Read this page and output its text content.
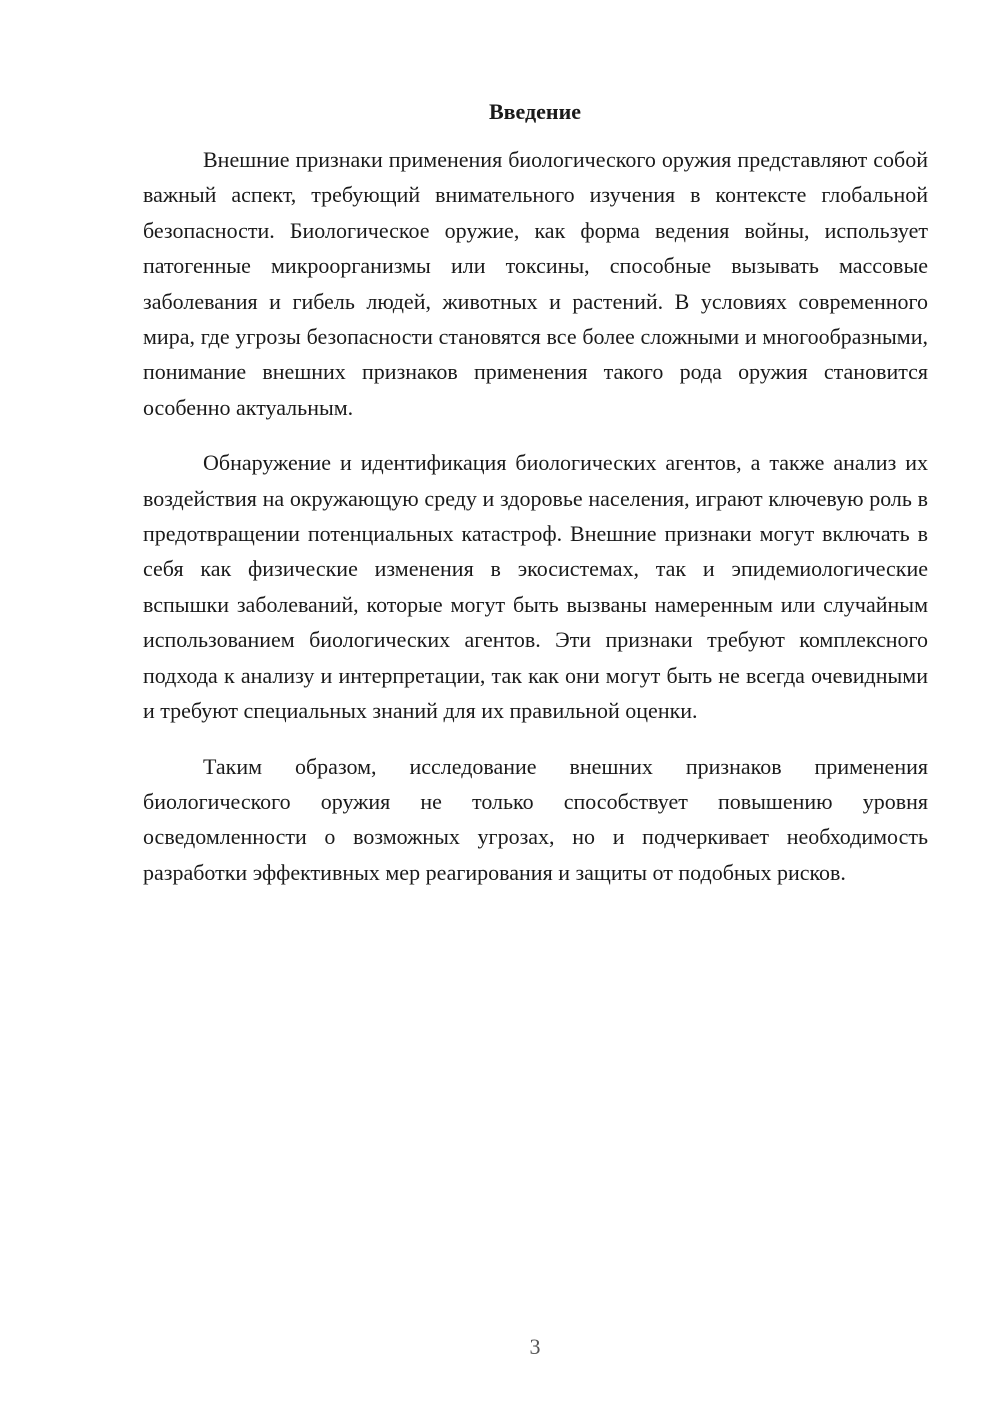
Введение

Внешние признаки применения биологического оружия представляют собой важный аспект, требующий внимательного изучения в контексте глобальной безопасности. Биологическое оружие, как форма ведения войны, использует патогенные микроорганизмы или токсины, способные вызывать массовые заболевания и гибель людей, животных и растений. В условиях современного мира, где угрозы безопасности становятся все более сложными и многообразными, понимание внешних признаков применения такого рода оружия становится особенно актуальным.

Обнаружение и идентификация биологических агентов, а также анализ их воздействия на окружающую среду и здоровье населения, играют ключевую роль в предотвращении потенциальных катастроф. Внешние признаки могут включать в себя как физические изменения в экосистемах, так и эпидемиологические вспышки заболеваний, которые могут быть вызваны намеренным или случайным использованием биологических агентов. Эти признаки требуют комплексного подхода к анализу и интерпретации, так как они могут быть не всегда очевидными и требуют специальных знаний для их правильной оценки.

Таким образом, исследование внешних признаков применения биологического оружия не только способствует повышению уровня осведомленности о возможных угрозах, но и подчеркивает необходимость разработки эффективных мер реагирования и защиты от подобных рисков.

3
